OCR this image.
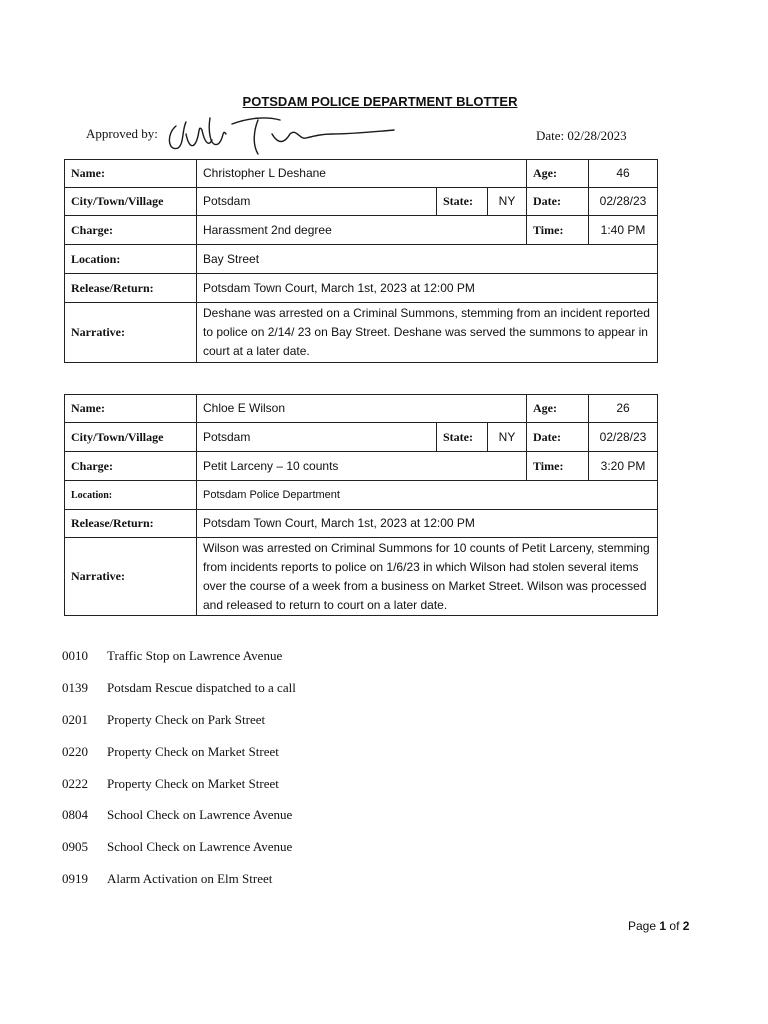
POTSDAM POLICE DEPARTMENT BLOTTER
Approved by:	Date: 02/28/2023
Name:	Christopher L Deshane	Age:	46
City/Town/Village	Potsdam	State:	NY	Date:	02/28/23
Charge:	Harassment 2nd degree	Time:	1:40 PM
Location:	Bay Street
Release/Return:	Potsdam Town Court, March 1st, 2023 at 12:00 PM
Narrative:
Deshane was arrested on a Criminal Summons, stemming from an incident reported to police on 2/14/ 23 on Bay Street. Deshane was served the summons to appear in court at a later date.
Name:	Chloe E Wilson	Age:	26
City/Town/Village	Potsdam	State:	NY	Date:	02/28/23
Charge:	Petit Larceny – 10 counts	Time:	3:20 PM
Location:	Potsdam Police Department
Release/Return:	Potsdam Town Court, March 1st, 2023 at 12:00 PM
Narrative:
Wilson was arrested on Criminal Summons for 10 counts of Petit Larceny, stemming from incidents reports to police on 1/6/23 in which Wilson had stolen several items over the course of a week from a business on Market Street. Wilson was processed and released to return to court on a later date.
0010 Traffic Stop on Lawrence Avenue
0139 Potsdam Rescue dispatched to a call
0201 Property Check on Park Street
0220 Property Check on Market Street
0222 Property Check on Market Street
0804 School Check on Lawrence Avenue
0905 School Check on Lawrence Avenue
0919 Alarm Activation on Elm Street
Page 1 of 2
